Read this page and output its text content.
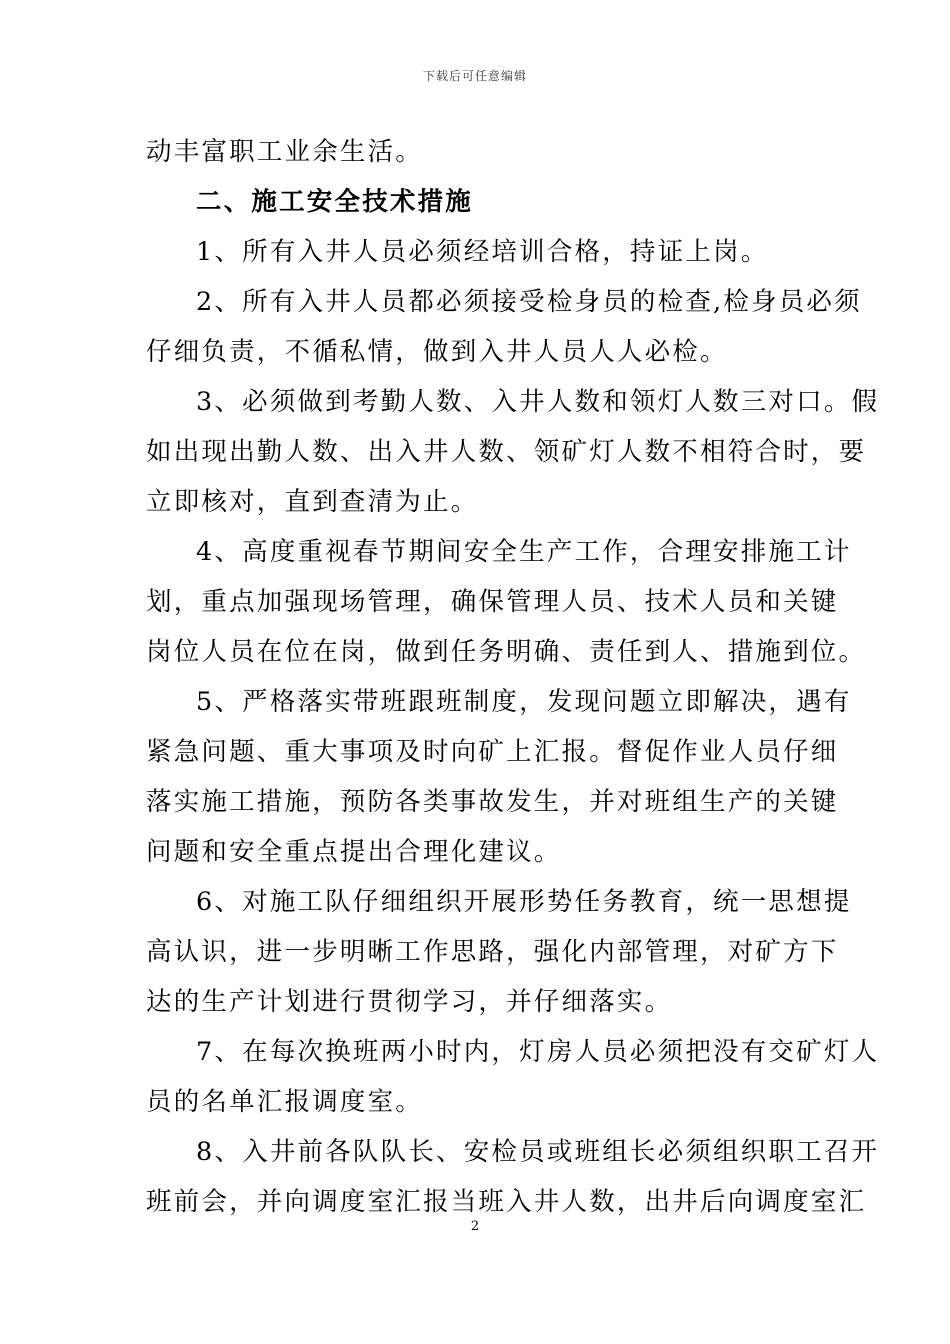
下载后可任意编辑

动丰富职工业余生活。

二、施工安全技术措施

1、所有入井人员必须经培训合格，持证上岗。

2、所有入井人员都必须接受检身员的检查,检身员必须

仔细负责，不循私情，做到入井人员人人必检。

3、必须做到考勤人数、入井人数和领灯人数三对口。假

如出现出勤人数、出入井人数、领矿灯人数不相符合时，要

立即核对，直到查清为止。

4、高度重视春节期间安全生产工作，合理安排施工计

划，重点加强现场管理，确保管理人员、技术人员和关键

岗位人员在位在岗，做到任务明确、责任到人、措施到位。

5、严格落实带班跟班制度，发现问题立即解决，遇有

紧急问题、重大事项及时向矿上汇报。督促作业人员仔细

落实施工措施，预防各类事故发生，并对班组生产的关键

问题和安全重点提出合理化建议。

6、对施工队仔细组织开展形势任务教育，统一思想提

高认识，进一步明晰工作思路，强化内部管理，对矿方下

达的生产计划进行贯彻学习，并仔细落实。

7、在每次换班两小时内，灯房人员必须把没有交矿灯人

员的名单汇报调度室。

8、入井前各队队长、安检员或班组长必须组织职工召开

班前会，并向调度室汇报当班入井人数，出井后向调度室汇

2
